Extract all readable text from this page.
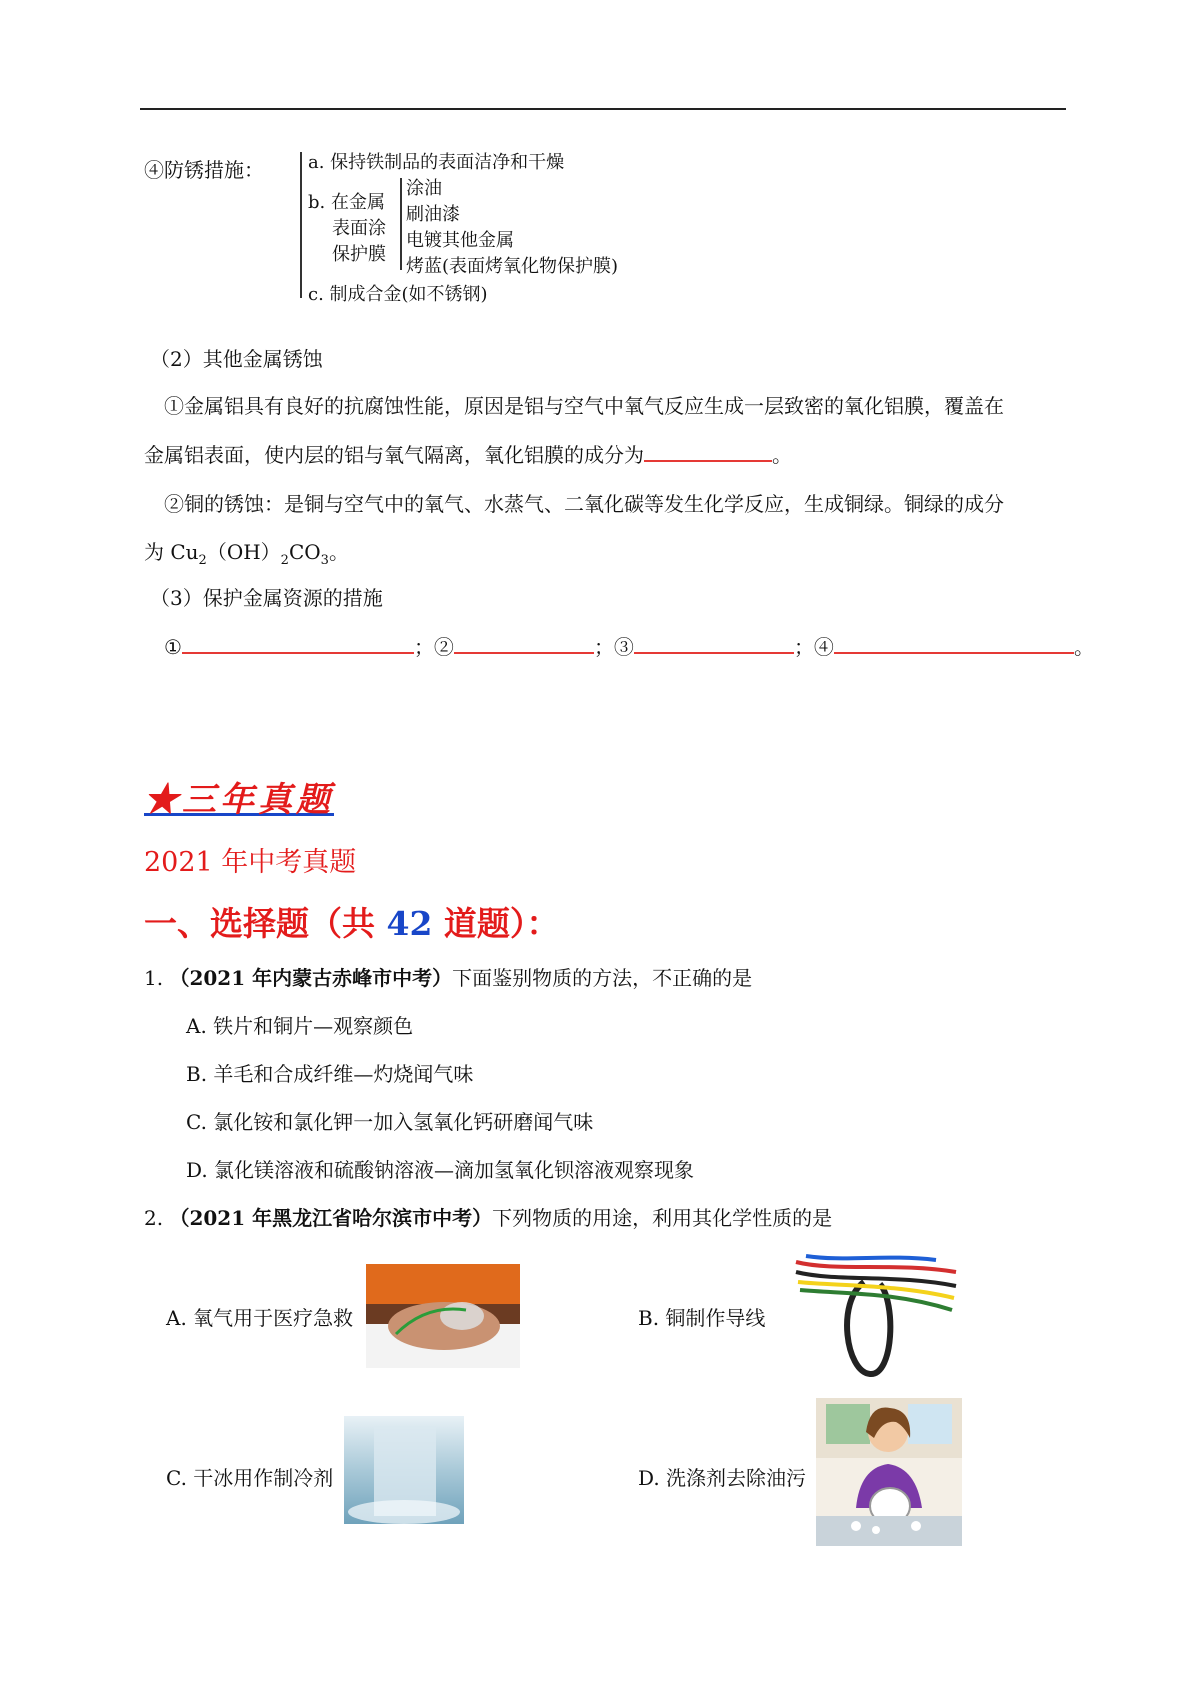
④防锈措施： a. 保持铁制品的表面洁净和干燥
b. 在金属
表面涂
保护膜
涂油
刷油漆
电镀其他金属
烤蓝(表面烤氧化物保护膜)
c. 制成合金(如不锈钢)
（2）其他金属锈蚀
①金属铝具有良好的抗腐蚀性能，原因是铝与空气中氧气反应生成一层致密的氧化铝膜，覆盖在
金属铝表面，使内层的铝与氧气隔离，氧化铝膜的成分为	。
②铜的锈蚀：是铜与空气中的氧气、水蒸气、二氧化碳等发生化学反应，生成铜绿。铜绿的成分
为 $Cu_2(OH)_2CO_3$。
（3）保护金属资源的措施
①	；②	；③	；④	。
★三年真题
2021 年中考真题
一、选择题（共 42 道题）：
1. （2021 年内蒙古赤峰市中考）下面鉴别物质的方法，不正确的是
A. 铁片和铜片—观察颜色
B. 羊毛和合成纤维—灼烧闻气味
C. 氯化铵和氯化钾一加入氢氧化钙研磨闻气味
D. 氯化镁溶液和硫酸钠溶液—滴加氢氧化钡溶液观察现象
2. （2021 年黑龙江省哈尔滨市中考）下列物质的用途，利用其化学性质的是
A. 氧气用于医疗急救	B. 铜制作导线
C. 干冰用作制冷剂	D. 洗涤剂去除油污
